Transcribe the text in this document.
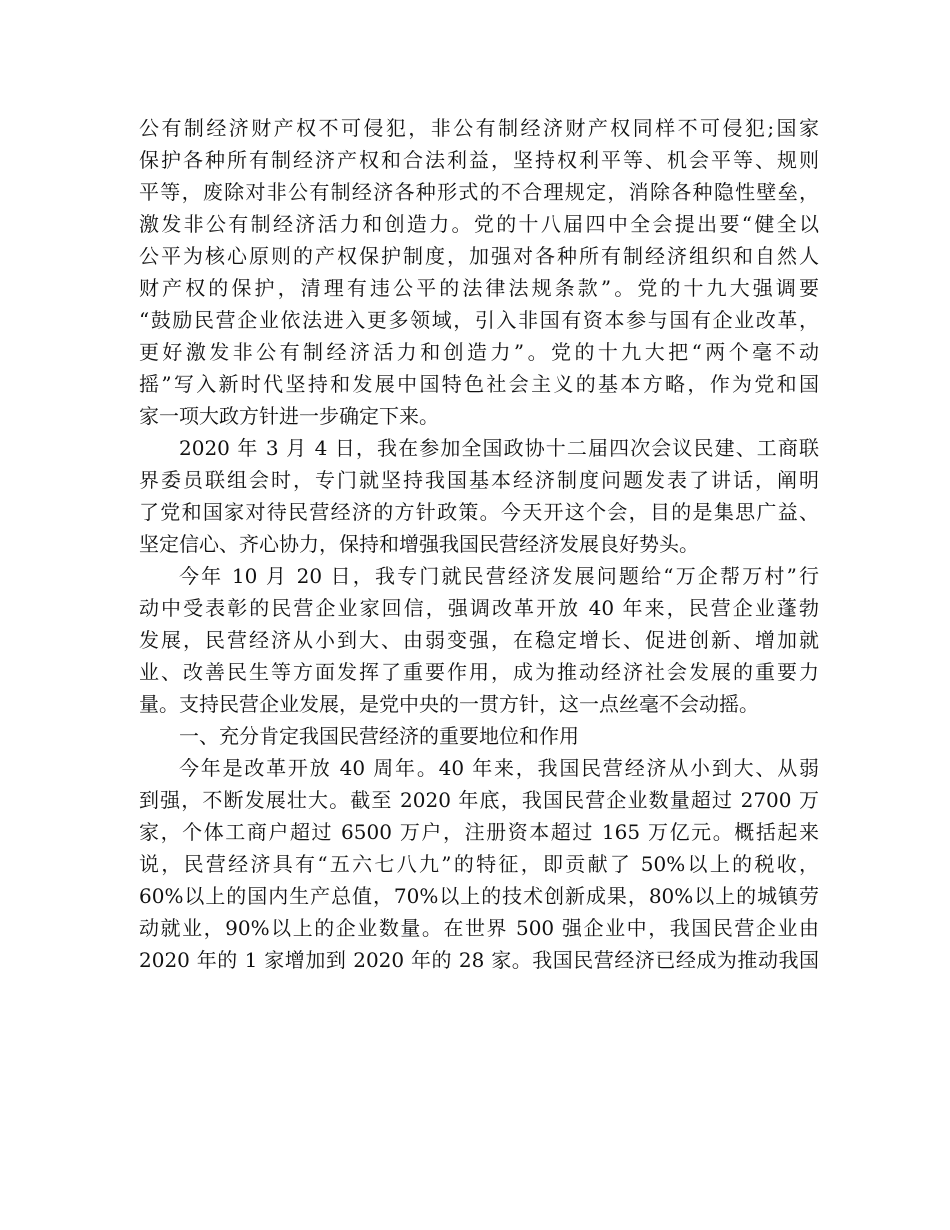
公有制经济财产权不可侵犯，非公有制经济财产权同样不可侵犯;国家
保护各种所有制经济产权和合法利益，坚持权利平等、机会平等、规则
平等，废除对非公有制经济各种形式的不合理规定，消除各种隐性壁垒，
激发非公有制经济活力和创造力。党的十八届四中全会提出要“健全以
公平为核心原则的产权保护制度，加强对各种所有制经济组织和自然人
财产权的保护，清理有违公平的法律法规条款”。党的十九大强调要
“鼓励民营企业依法进入更多领域，引入非国有资本参与国有企业改革，
更好激发非公有制经济活力和创造力”。党的十九大把“两个毫不动
摇”写入新时代坚持和发展中国特色社会主义的基本方略，作为党和国
家一项大政方针进一步确定下来。
2020 年 3 月 4 日，我在参加全国政协十二届四次会议民建、工商联
界委员联组会时，专门就坚持我国基本经济制度问题发表了讲话，阐明
了党和国家对待民营经济的方针政策。今天开这个会，目的是集思广益、
坚定信心、齐心协力，保持和增强我国民营经济发展良好势头。
今年 10 月 20 日，我专门就民营经济发展问题给“万企帮万村”行
动中受表彰的民营企业家回信，强调改革开放 40 年来，民营企业蓬勃
发展，民营经济从小到大、由弱变强，在稳定增长、促进创新、增加就
业、改善民生等方面发挥了重要作用，成为推动经济社会发展的重要力
量。支持民营企业发展，是党中央的一贯方针，这一点丝毫不会动摇。
一、充分肯定我国民营经济的重要地位和作用
今年是改革开放 40 周年。40 年来，我国民营经济从小到大、从弱
到强，不断发展壮大。截至 2020 年底，我国民营企业数量超过 2700 万
家，个体工商户超过 6500 万户，注册资本超过 165 万亿元。概括起来
说，民营经济具有“五六七八九”的特征，即贡献了 50%以上的税收，
60%以上的国内生产总值，70%以上的技术创新成果，80%以上的城镇劳
动就业，90%以上的企业数量。在世界 500 强企业中，我国民营企业由
2020 年的 1 家增加到 2020 年的 28 家。我国民营经济已经成为推动我国
